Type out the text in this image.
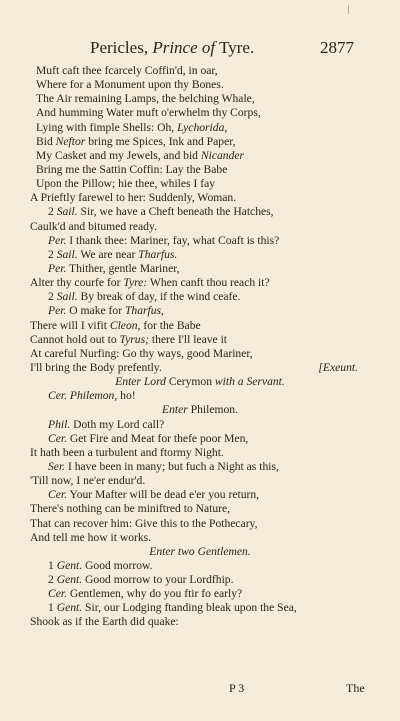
Pericles, Prince of Tyre.	2877
Muft caft thee fcarcely Coffin'd, in oar,
Where for a Monument upon thy Bones.
The Air remaining Lamps, the belching Whale,
And humming Water muft o'erwhelm thy Corps,
Lying with fimple Shells: Oh, Lychorida,
Bid Neftor bring me Spices, Ink and Paper,
My Casket and my Jewels, and bid Nicander
Bring me the Sattin Coffin: Lay the Babe
Upon the Pillow; hie thee, whiles I fay
A Prieftly farewel to her: Suddenly, Woman.
2 Sail. Sir, we have a Cheft beneath the Hatches,
Caulk'd and bitumed ready.
Per. I thank thee: Mariner, fay, what Coaft is this?
2 Sail. We are near Tharfus.
Per. Thither, gentle Mariner,
Alter thy courfe for Tyre: When canft thou reach it?
2 Sail. By break of day, if the wind ceafe.
Per. O make for Tharfus,
There will I vifit Cleon, for the Babe
Cannot hold out to Tyrus; there I'll leave it
At careful Nurfing: Go thy ways, good Mariner,
I'll bring the Body prefently.	[Exeunt.
Enter Lord Cerymon with a Servant.
Cer. Philemon, ho!
Enter Philemon.
Phil. Doth my Lord call?
Cer. Get Fire and Meat for thefe poor Men,
It hath been a turbulent and ftormy Night.
Ser. I have been in many; but fuch a Night as this,
'Till now, I ne'er endur'd.
Cer. Your Mafter will be dead e'er you return,
There's nothing can be miniftred to Nature,
That can recover him: Give this to the Pothecary,
And tell me how it works.
Enter two Gentlemen.
1 Gent. Good morrow.
2 Gent. Good morrow to your Lordfhip.
Cer. Gentlemen, why do you ftir fo early?
1 Gent. Sir, our Lodging ftanding bleak upon the Sea,
Shook as if the Earth did quake:
P 3	The
